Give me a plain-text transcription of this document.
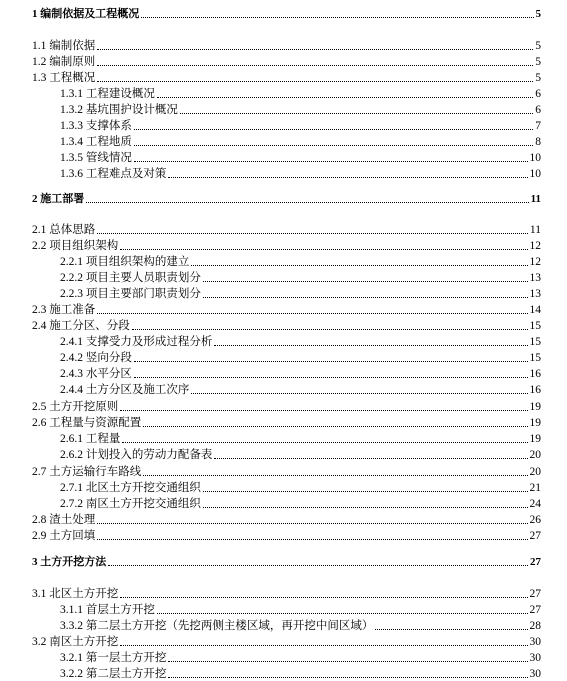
1 编制依据及工程概况	5
1.1 编制依据	5
1.2 编制原则	5
1.3 工程概况	5
1.3.1 工程建设概况	6
1.3.2 基坑围护设计概况	6
1.3.3 支撑体系	7
1.3.4 工程地质	8
1.3.5 管线情况	10
1.3.6 工程难点及对策	10
2 施工部署	11
2.1 总体思路	11
2.2 项目组织架构	12
2.2.1 项目组织架构的建立	12
2.2.2 项目主要人员职责划分	13
2.2.3 项目主要部门职责划分	13
2.3 施工准备	14
2.4 施工分区、分段	15
2.4.1 支撑受力及形成过程分析	15
2.4.2 竖向分段	15
2.4.3 水平分区	16
2.4.4 土方分区及施工次序	16
2.5 土方开挖原则	19
2.6 工程量与资源配置	19
2.6.1 工程量	19
2.6.2 计划投入的劳动力配备表	20
2.7 土方运输行车路线	20
2.7.1 北区土方开挖交通组织	21
2.7.2 南区土方开挖交通组织	24
2.8 渣土处理	26
2.9 土方回填	27
3 土方开挖方法	27
3.1 北区土方开挖	27
3.1.1 首层土方开挖	27
3.3.2 第二层土方开挖（先挖两侧主楼区域，再开挖中间区域）	28
3.2 南区土方开挖	30
3.2.1 第一层土方开挖	30
3.2.2 第二层土方开挖	30
